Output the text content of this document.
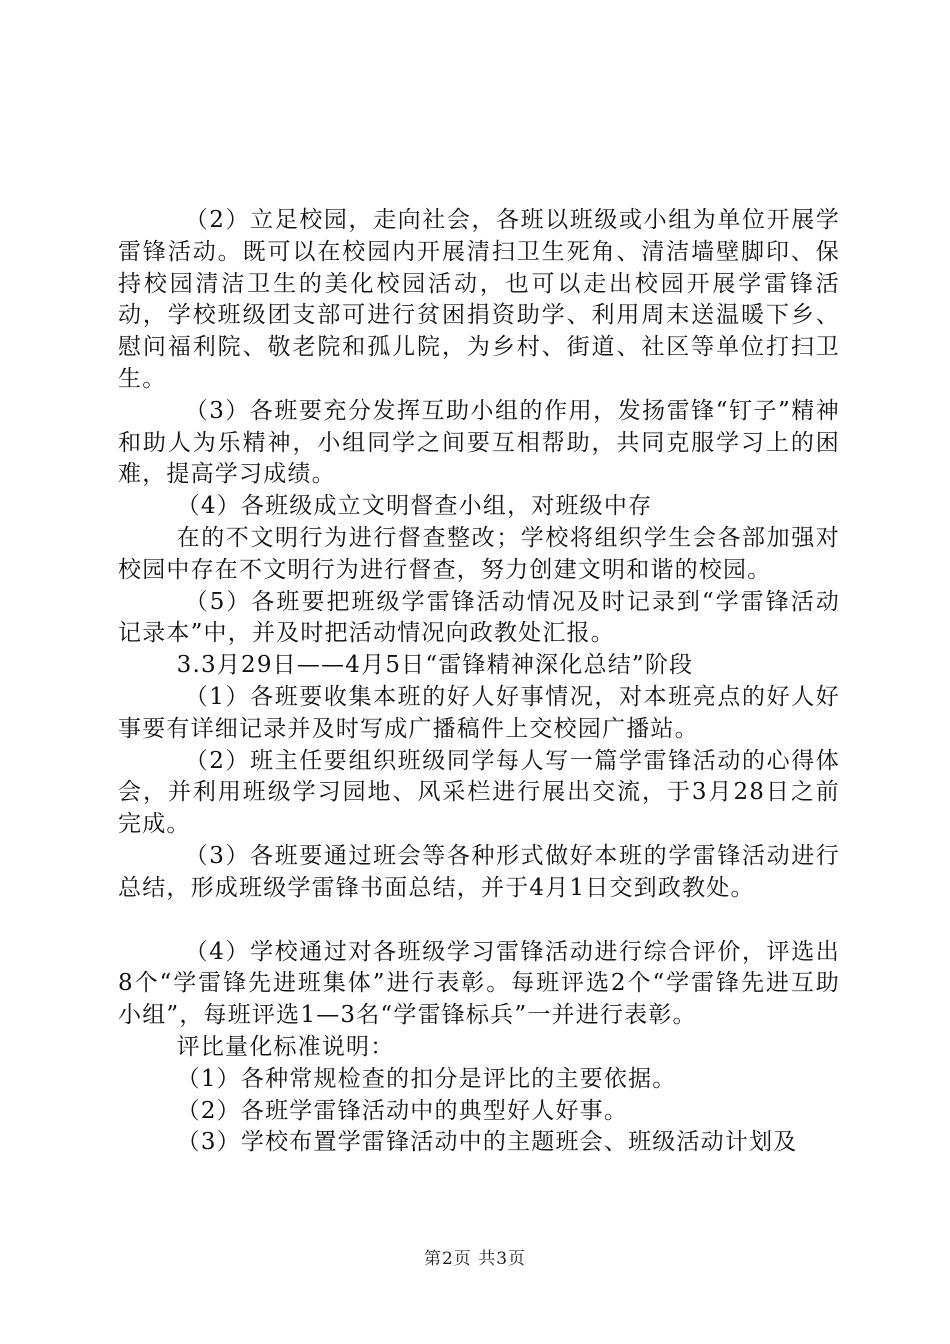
（2）立足校园，走向社会，各班以班级或小组为单位开展学雷锋活动。既可以在校园内开展清扫卫生死角、清洁墙壁脚印、保持校园清洁卫生的美化校园活动，也可以走出校园开展学雷锋活动，学校班级团支部可进行贫困捐资助学、利用周末送温暖下乡、慰问福利院、敬老院和孤儿院，为乡村、街道、社区等单位打扫卫生。

（3）各班要充分发挥互助小组的作用，发扬雷锋“钉子”精神和助人为乐精神，小组同学之间要互相帮助，共同克服学习上的困难，提高学习成绩。

（4）各班级成立文明督查小组，对班级中存

在的不文明行为进行督查整改；学校将组织学生会各部加强对校园中存在不文明行为进行督查，努力创建文明和谐的校园。

（5）各班要把班级学雷锋活动情况及时记录到“学雷锋活动记录本”中，并及时把活动情况向政教处汇报。

3.3月29日——4月5日“雷锋精神深化总结”阶段

（1）各班要收集本班的好人好事情况，对本班亮点的好人好事要有详细记录并及时写成广播稿件上交校园广播站。

（2）班主任要组织班级同学每人写一篇学雷锋活动的心得体会，并利用班级学习园地、风采栏进行展出交流，于3月28日之前完成。

（3）各班要通过班会等各种形式做好本班的学雷锋活动进行总结，形成班级学雷锋书面总结，并于4月1日交到政教处。

（4）学校通过对各班级学习雷锋活动进行综合评价，评选出8个“学雷锋先进班集体”进行表彰。每班评选2个“学雷锋先进互助小组”，每班评选1—3名“学雷锋标兵”一并进行表彰。

评比量化标准说明：

（1）各种常规检查的扣分是评比的主要依据。

（2）各班学雷锋活动中的典型好人好事。

（3）学校布置学雷锋活动中的主题班会、班级活动计划及

第2页 共3页
